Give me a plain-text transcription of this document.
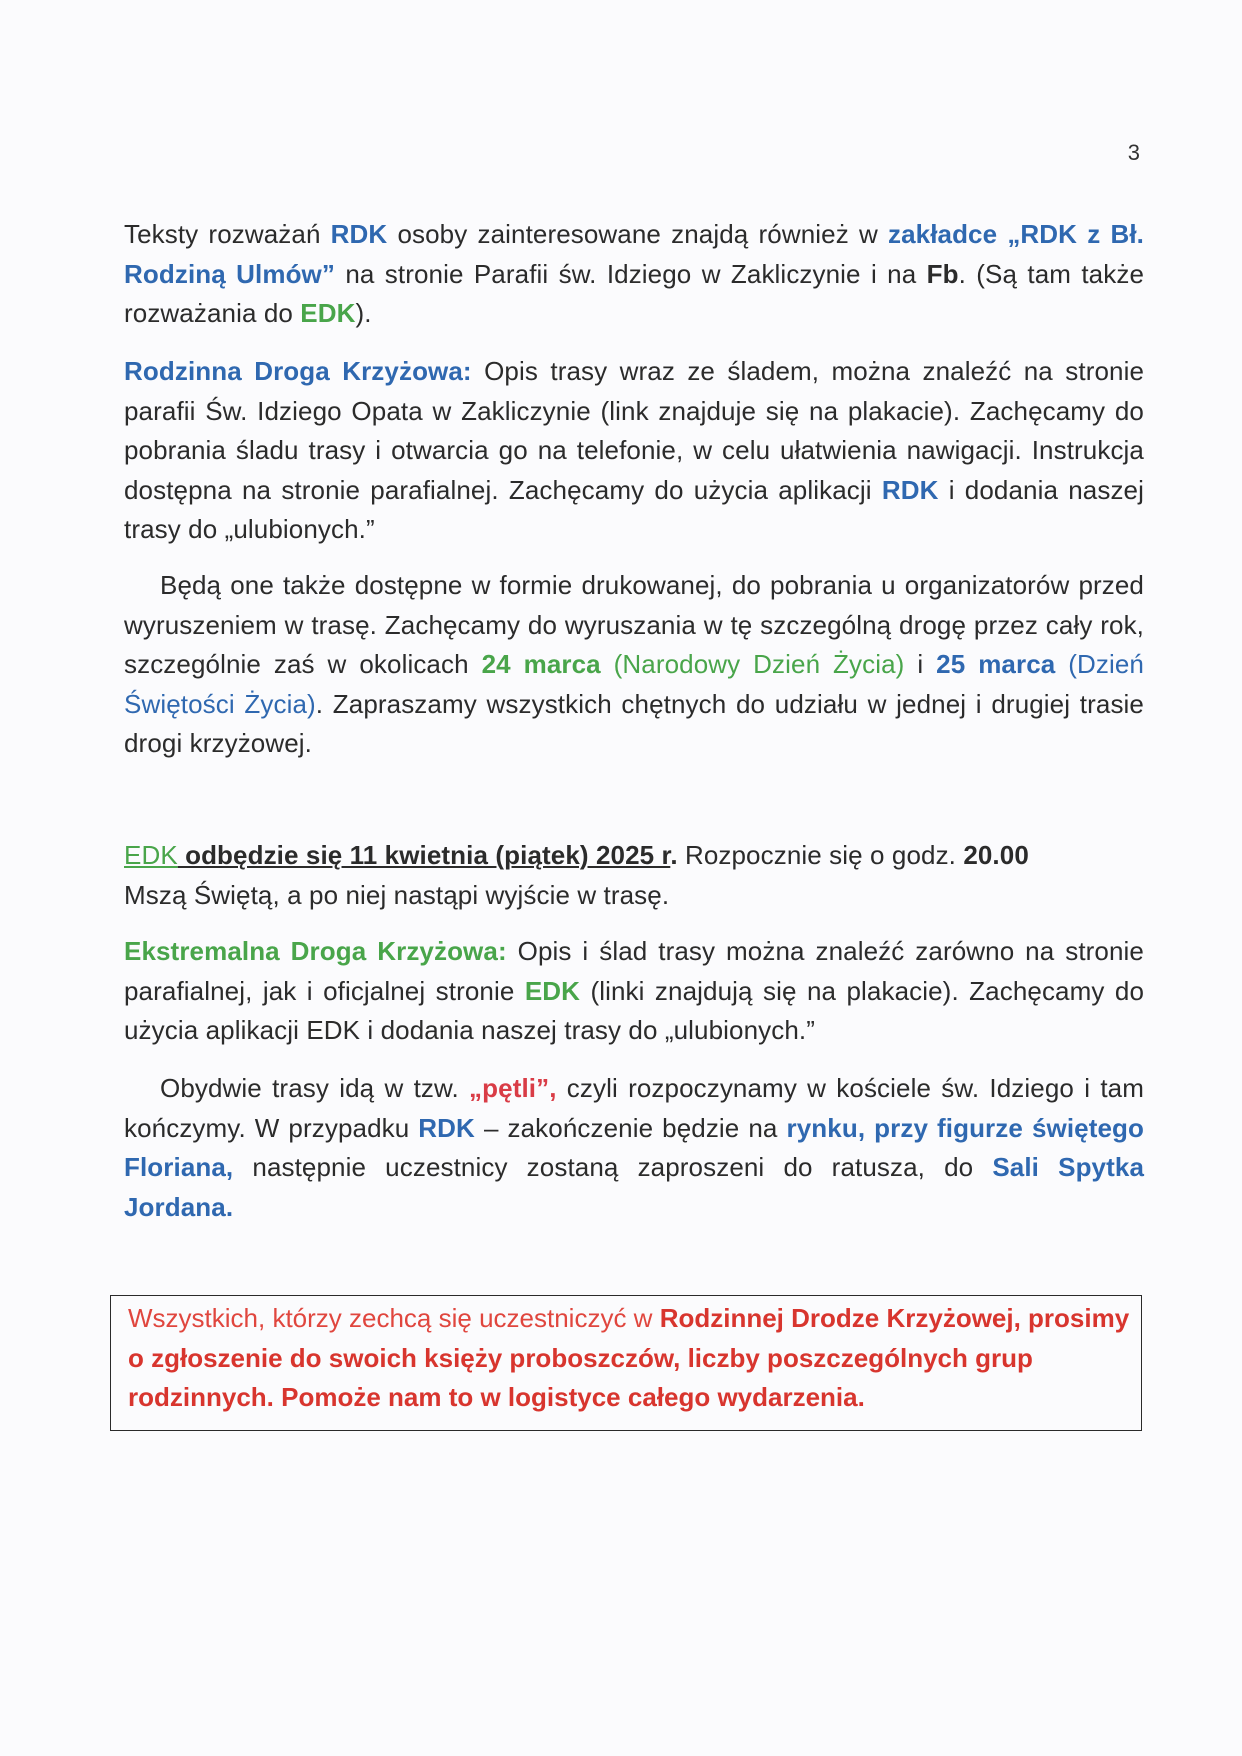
3

Teksty rozważań RDK osoby zainteresowane znajdą również w zakładce „RDK z Bł. Rodziną Ulmów” na stronie Parafii św. Idziego w Zakliczynie i na Fb. (Są tam także rozważania do EDK).

Rodzinna Droga Krzyżowa: Opis trasy wraz ze śladem, można znaleźć na stronie parafii Św. Idziego Opata w Zakliczynie (link znajduje się na plakacie). Zachęcamy do pobrania śladu trasy i otwarcia go na telefonie, w celu ułatwienia nawigacji. Instrukcja dostępna na stronie parafialnej. Zachęcamy do użycia aplikacji RDK i dodania naszej trasy do „ulubionych.”

Będą one także dostępne w formie drukowanej, do pobrania u organizatorów przed wyruszeniem w trasę. Zachęcamy do wyruszania w tę szczególną drogę przez cały rok, szczególnie zaś w okolicach 24 marca (Narodowy Dzień Życia) i 25 marca (Dzień Świętości Życia). Zapraszamy wszystkich chętnych do udziału w jednej i drugiej trasie drogi krzyżowej.

EDK odbędzie się 11 kwietnia (piątek) 2025 r. Rozpocznie się o godz. 20.00
Mszą Świętą, a po niej nastąpi wyjście w trasę.

Ekstremalna Droga Krzyżowa: Opis i ślad trasy można znaleźć zarówno na stronie parafialnej, jak i oficjalnej stronie EDK (linki znajdują się na plakacie). Zachęcamy do użycia aplikacji EDK i dodania naszej trasy do „ulubionych.”

Obydwie trasy idą w tzw. „pętli”, czyli rozpoczynamy w kościele św. Idziego i tam kończymy. W przypadku RDK – zakończenie będzie na rynku, przy figurze świętego Floriana, następnie uczestnicy zostaną zaproszeni do ratusza, do Sali Spytka Jordana.

Wszystkich, którzy zechcą się uczestniczyć w Rodzinnej Drodze Krzyżowej, prosimy o zgłoszenie do swoich księży proboszczów, liczby poszczególnych grup rodzinnych. Pomoże nam to w logistyce całego wydarzenia.
